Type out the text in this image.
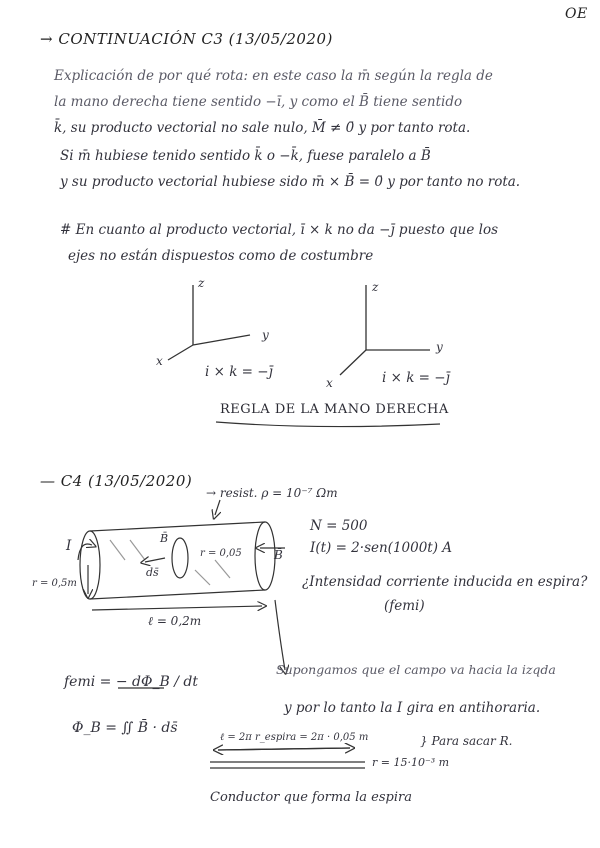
OE
→ CONTINUACIÓN C3 (13/05/2020)
Explicación de por qué rota: en este caso la m̄ según la regla de
la mano derecha tiene sentido −ī, y como el B̄ tiene sentido
k̄, su producto vectorial no sale nulo, M̄ ≠ 0̄ y por tanto rota.
Si m̄ hubiese tenido sentido k̄ o −k̄, fuese paralelo a B̄
y su producto vectorial hubiese sido m̄ × B̄ = 0̄ y por tanto no rota.
# En cuanto al producto vectorial, ī × k no da −j̄ puesto que los
ejes no están dispuestos como de costumbre
z
y
x
i × k = −j̄
z
y
x	i × k = −j̄
REGLA DE LA MANO DERECHA
— C4 (13/05/2020)
→ resist. ρ = 10⁻⁷ Ωm
N = 500
I(t) = 2·sen(1000t) A
¿Intensidad corriente inducida en espira?
(femi)
I
r = 0,5m
B̄
ds̄
r = 0,05	B̄
ℓ = 0,2m
femi = − dΦ_B / dt
Φ_B = ∬ B̄ · ds̄
Supongamos que el campo va hacia la izqda
y por lo tanto la I gira en antihoraria.
ℓ = 2π r_espira = 2π · 0,05 m
r = 15·10⁻³ m
} Para sacar R.
Conductor que forma la espira
